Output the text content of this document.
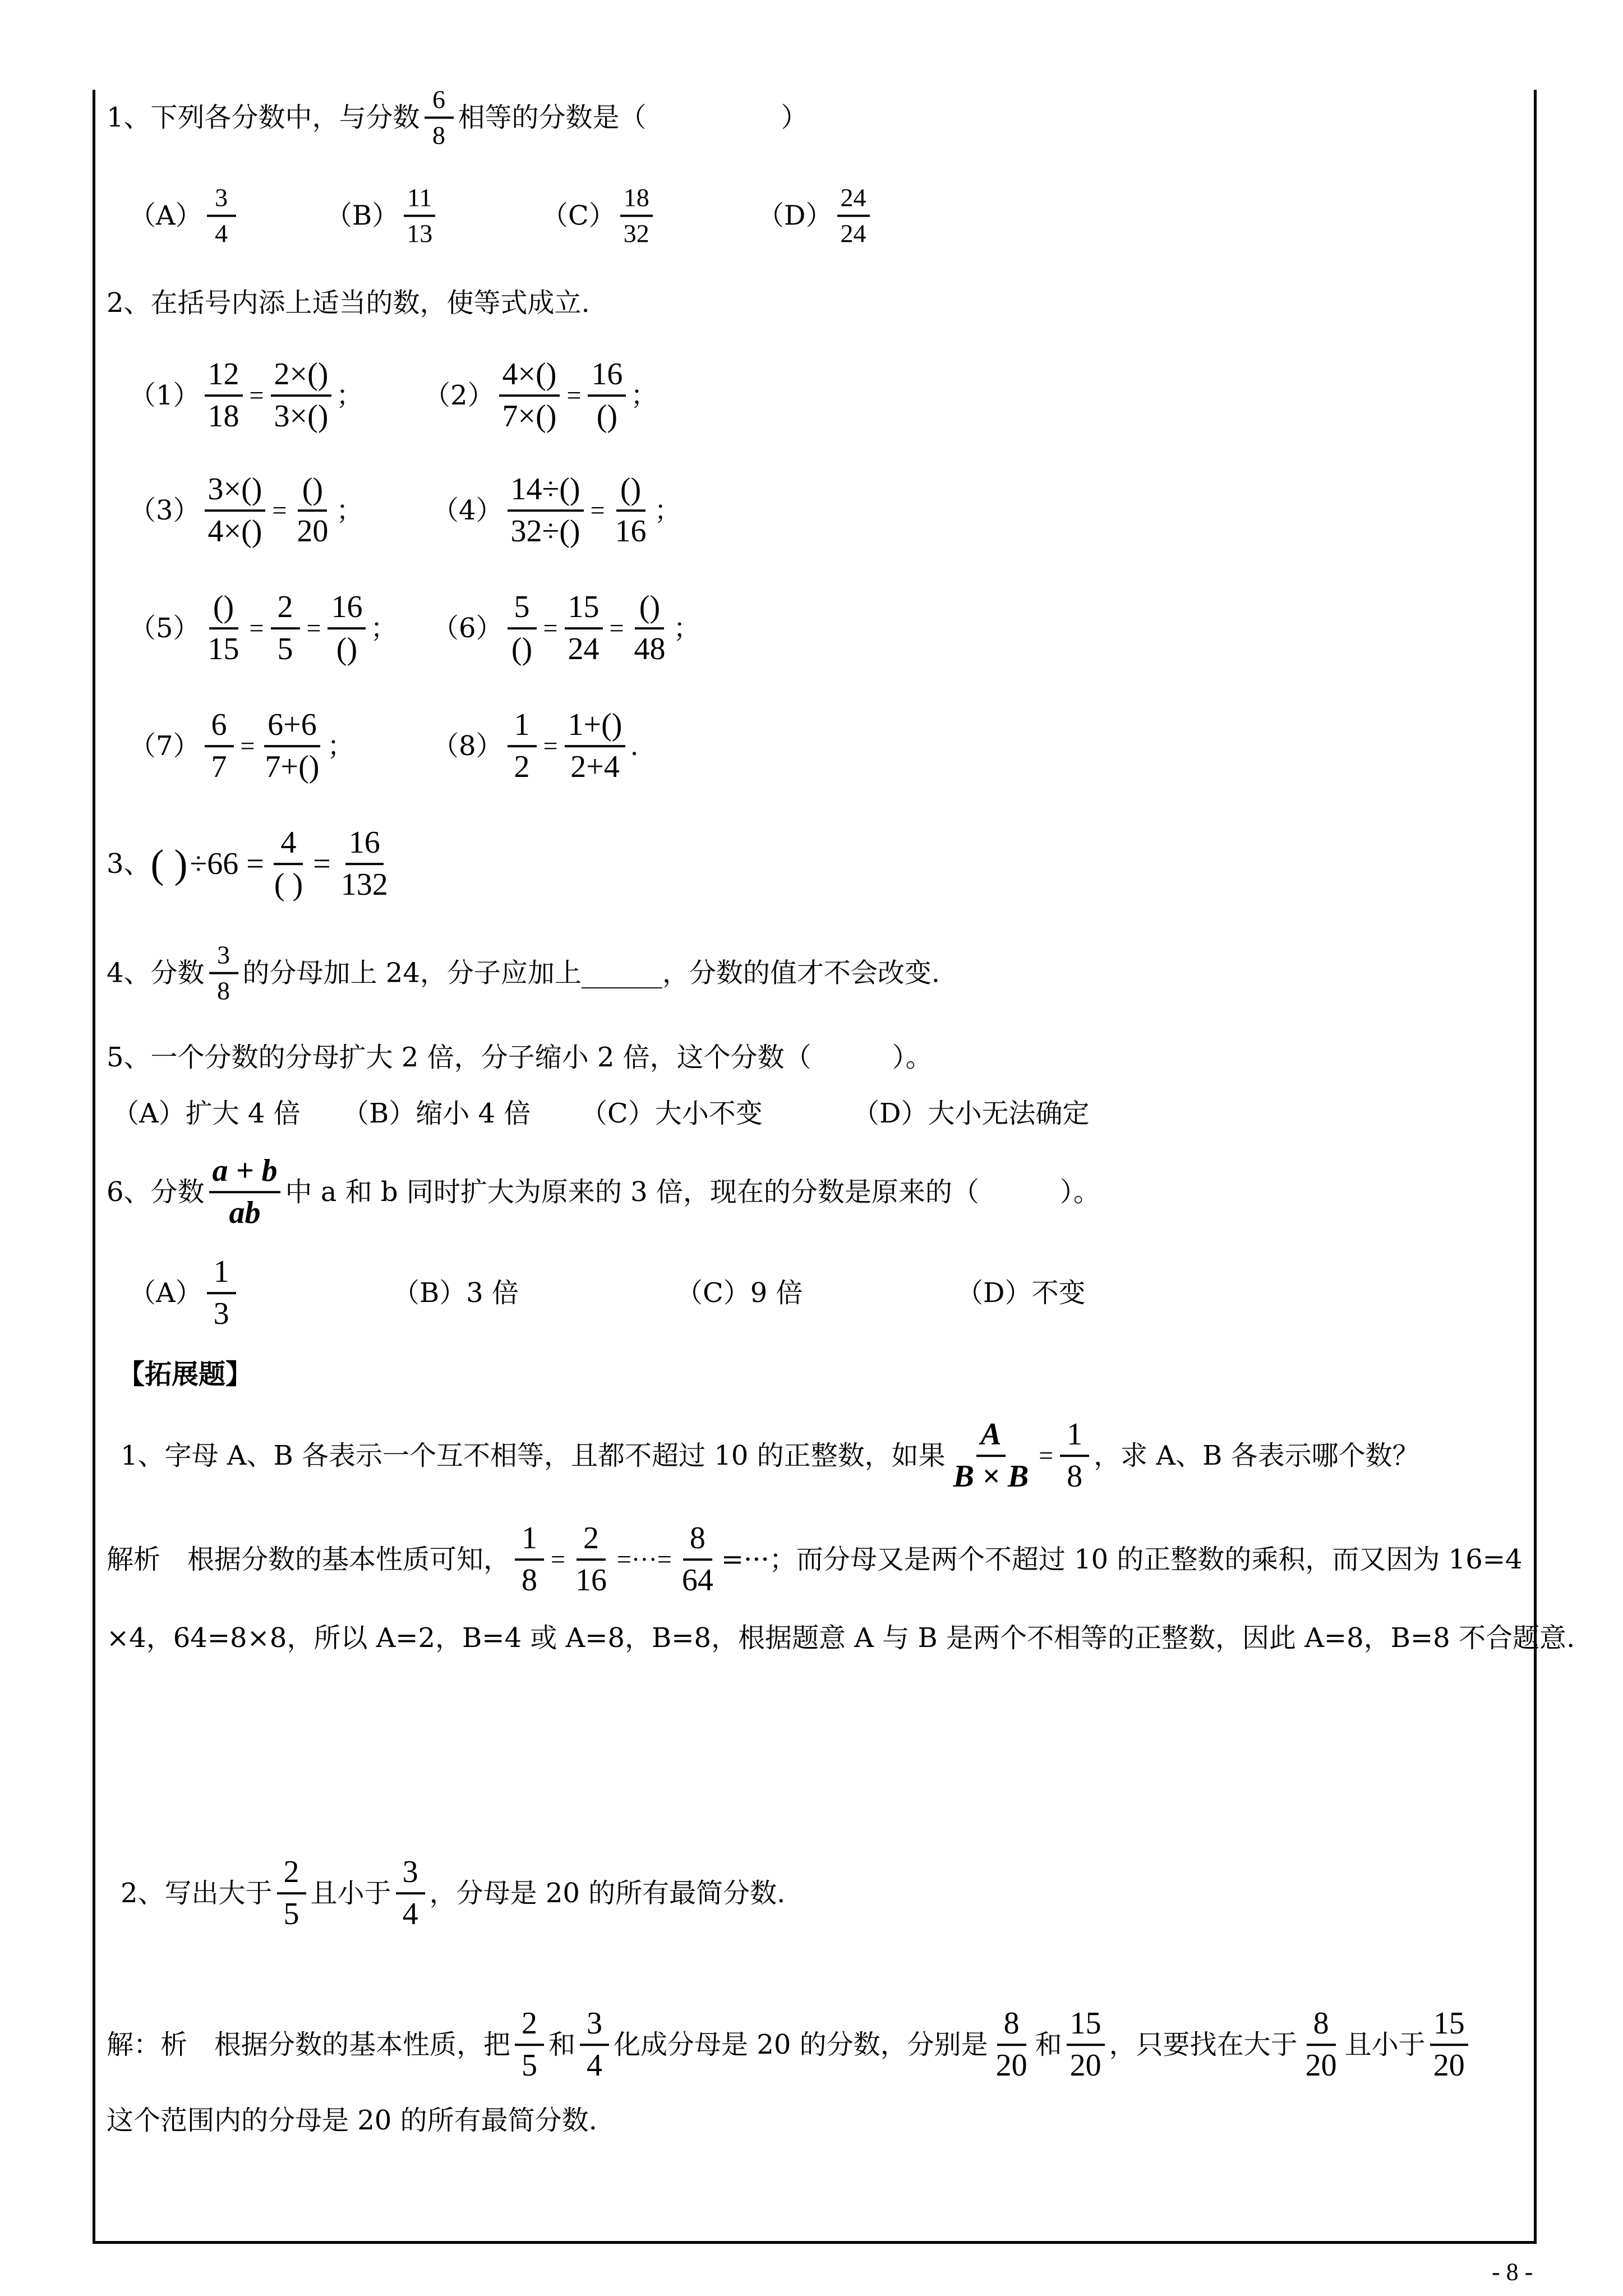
1、下列各分数中，与分数 $\frac{6}{8}$ 相等的分数是（　　　　　）
$(A) \frac{3}{4}$	$(B) \frac{11}{13}$	$(C) \frac{18}{32}$	$(D) \frac{24}{24}$
2、在括号内添上适当的数，使等式成立.
$(1) \frac{12}{18} = \frac{2\times()}{3\times()}$ ； $(2) \frac{4\times()}{7\times()} = \frac{16}{()}$ ；
$(3) \frac{3\times()}{4\times()} = \frac{()}{20}$ ；	$(4) \frac{14\div()}{32\div()} = \frac{()}{16}$ ；
$(5) \frac{()}{15} = \frac{2}{5} = \frac{16}{()}$ ； $(6) \frac{5}{()} = \frac{15}{24} = \frac{()}{48}$ ；
$(7) \frac{6}{7} = \frac{6+6}{7+()}$ ；	$(8) \frac{1}{2} = \frac{1+()}{2+4}$ .
3、 ( ) $\div 66 = \frac{4}{( )} = \frac{16}{132}$
4、分数 $\frac{3}{8}$ 的分母加上 24，分子应加上______，分数的值才不会改变.
5、一个分数的分母扩大 2 倍，分子缩小 2 倍，这个分数（　　　）。
（A）扩大 4 倍 （B）缩小 4 倍 （C）大小不变	（D）大小无法确定
6、分数 $\frac{a + b}{ab}$ 中 a 和 b 同时扩大为原来的 3 倍，现在的分数是原来的（　　　）。
$(A) \frac{1}{3}$	（B）3 倍	（C）9 倍	（D）不变
【拓展题】
1、字母 A、B 各表示一个互不相等，且都不超过 10 的正整数，如果 $\frac{A}{B \times B} = \frac{1}{8}$ ，求 A、B 各表示哪个数？
解析　根据分数的基本性质可知， $\frac{1}{8} = \frac{2}{16}$ =···= $\frac{8}{64}$ =···； 而分母又是两个不超过 10 的正整数的乘积，而又因为 16=4
×4，64=8×8，所以 A=2，B=4 或 A=8，B=8，根据题意 A 与 B 是两个不相等的正整数，因此 A=8，B=8 不合题意.
2、写出大于 $\frac{2}{5}$ 且小于 $\frac{3}{4}$ ，分母是 20 的所有最简分数.
解：析　根据分数的基本性质，把 $\frac{2}{5}$ 和 $\frac{3}{4}$ 化成分母是 20 的分数，分别是 $\frac{8}{20}$ 和 $\frac{15}{20}$ ，只要找在大于 $\frac{8}{20}$ 且小于 $\frac{15}{20}$
这个范围内的分母是 20 的所有最简分数.
- 8 -
